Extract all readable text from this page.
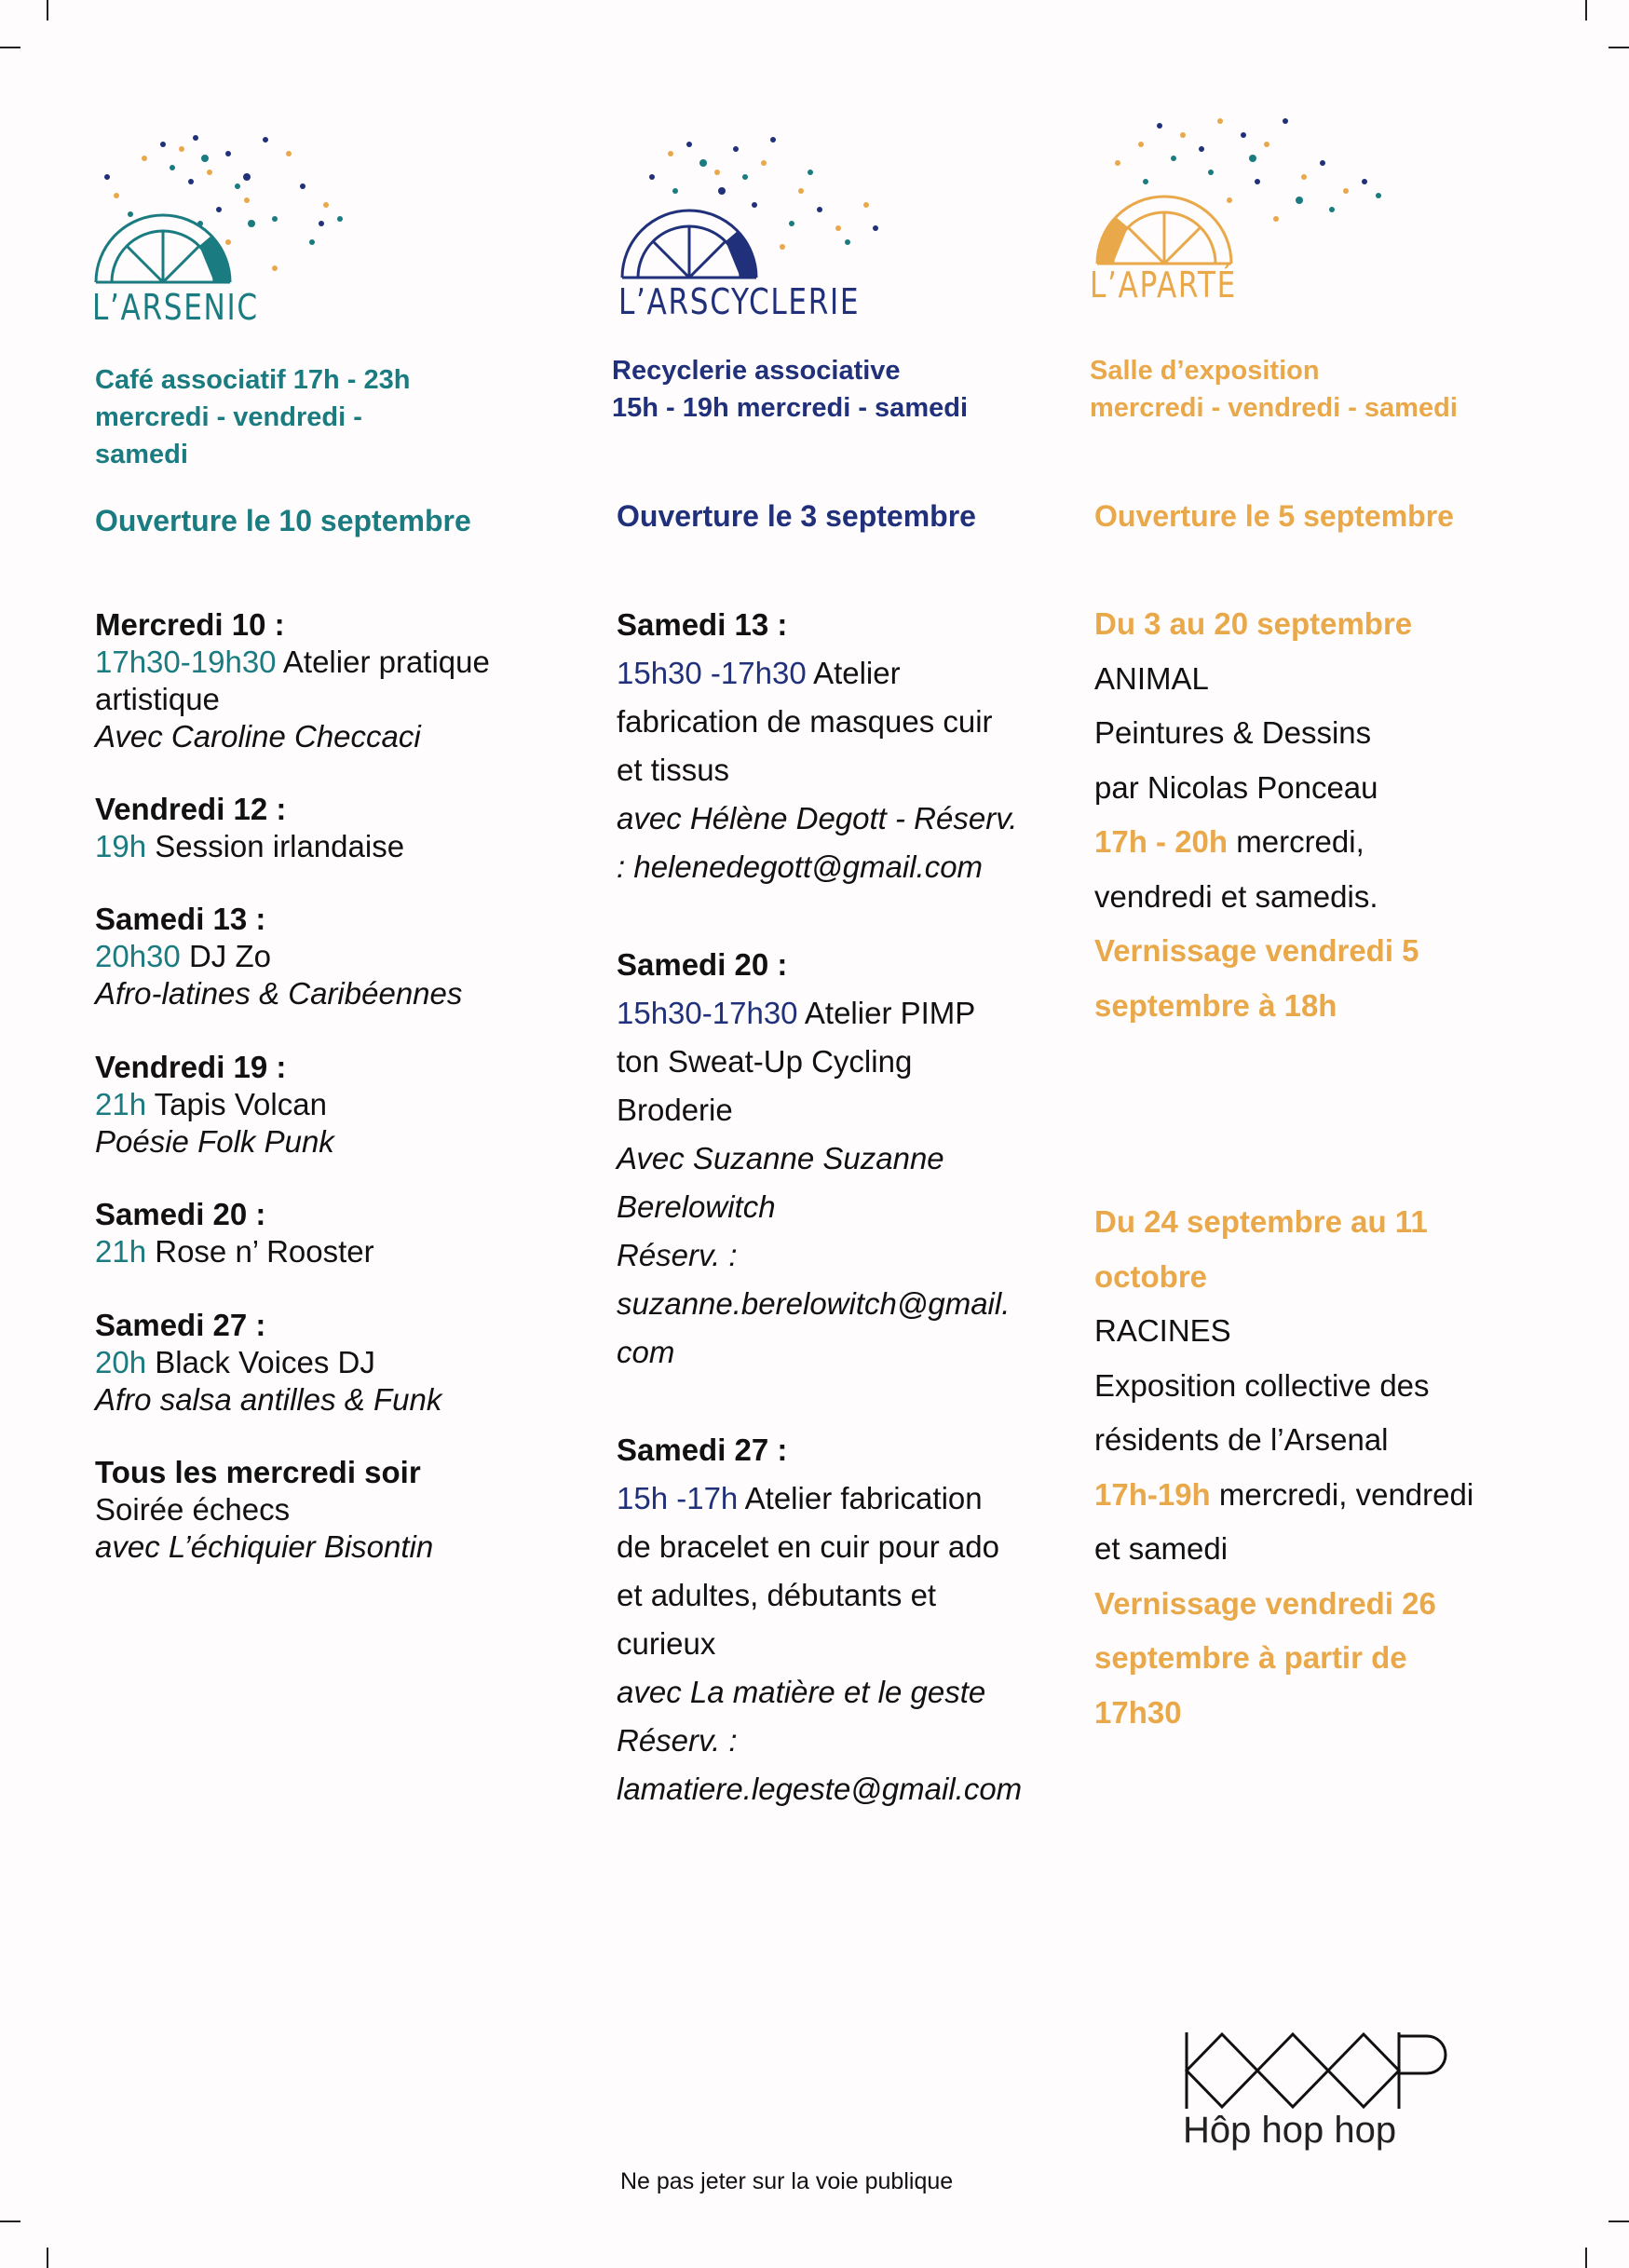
L’ARSENIC
Café associatif 17h - 23h
mercredi - vendredi -
samedi
Ouverture le 10 septembre
Mercredi 10 :
17h30-19h30 Atelier pratique
artistique
Avec Caroline Checcaci
Vendredi 12 :
19h Session irlandaise
Samedi 13 :
20h30 DJ Zo
Afro-latines & Caribéennes
Vendredi 19 :
21h Tapis Volcan
Poésie Folk Punk
Samedi 20 :
21h Rose n’ Rooster
Samedi 27 :
20h Black Voices DJ
Afro salsa antilles & Funk
Tous les mercredi soir
Soirée échecs
avec L’échiquier Bisontin
L’ARSCYCLERIE
Recyclerie associative
15h - 19h mercredi - samedi
Ouverture le 3 septembre
Samedi 13 :
15h30 -17h30 Atelier
fabrication de masques cuir
et tissus
avec Hélène Degott - Réserv.
: helenedegott@gmail.com
Samedi 20 :
15h30-17h30 Atelier PIMP
ton Sweat-Up Cycling
Broderie
Avec Suzanne Suzanne
Berelowitch
Réserv. :
suzanne.berelowitch@gmail.
com
Samedi 27 :
15h -17h Atelier fabrication
de bracelet en cuir pour ado
et adultes, débutants et
curieux
avec La matière et le geste
Réserv. :
lamatiere.legeste@gmail.com
L’APARTÉ
Salle d’exposition
mercredi - vendredi - samedi
Ouverture le 5 septembre
Du 3 au 20 septembre
ANIMAL
Peintures & Dessins
par Nicolas Ponceau
17h - 20h mercredi,
vendredi et samedis.
Vernissage vendredi 5
septembre à 18h
Du 24 septembre au 11
octobre
RACINES
Exposition collective des
résidents de l’Arsenal
17h-19h mercredi, vendredi
et samedi
Vernissage vendredi 26
septembre à partir de
17h30
Hôp hop hop
Ne pas jeter sur la voie publique
